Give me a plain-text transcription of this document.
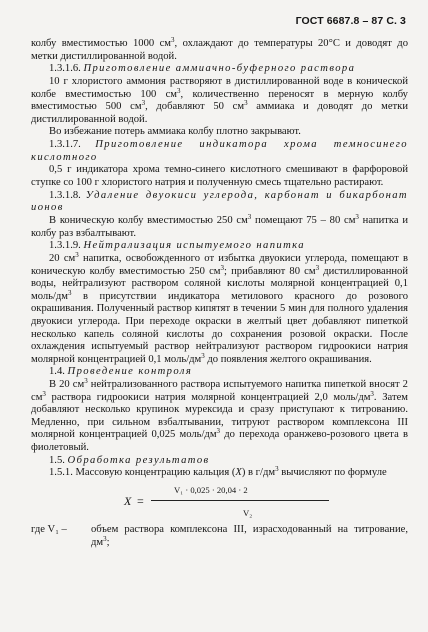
ГОСТ 6687.8 – 87 С. 3

колбу вместимостью 1000 $см^3$, охлаждают до температуры 20°С и доводят до метки дистиллированной водой.

1.3.1.6. Приготовление аммиачно-буферного раствора

10 г хлористого аммония растворяют в дистиллированной воде в конической колбе вместимостью 100 $см^3$, количественно переносят в мерную колбу вместимостью 500 $см^3$, добавляют 50 $см^3$ аммиака и доводят до метки дистиллированной водой.

Во избежание потерь аммиака колбу плотно закрывают.

1.3.1.7. Приготовление индикатора хрома темносинего кислотного

0,5 г индикатора хрома темно-синего кислотного смешивают в фарфоровой ступке со 100 г хлористого натрия и полученную смесь тщательно растирают.

1.3.1.8. Удаление двуокиси углерода, карбонат и бикарбонат ионов

В коническую колбу вместимостью 250 $см^3$ помещают 75 – 80 $см^3$ напитка и колбу раз взбалтывают.

1.3.1.9. Нейтрализация испытуемого напитка

20 $см^3$ напитка, освобожденного от избытка двуокиси углерода, помещают в коническую колбу вместимостью 250 $см^3$; прибавляют 80 $см^3$ дистиллированной воды, нейтрализуют раствором соляной кислоты молярной концентрацией 0,1 моль/$дм^3$ в присутствии индикатора метилового красного до розового окрашивания. Полученный раствор кипятят в течении 5 мин для полного удаления двуокиси углерода. При переходе окраски в желтый цвет добавляют пипеткой несколько капель соляной кислоты до сохранения розовой окраски. После охлаждения испытуемый раствор нейтрализуют раствором гидроокиси натрия молярной концентрацией 0,1 моль/$дм^3$ до появления желтого окрашивания.

1.4. Проведение контроля

В 20 $см^3$ нейтрализованного раствора испытуемого напитка пипеткой вносят 2 $см^3$ раствора гидроокиси натрия молярной концентрацией 2,0 моль/$дм^3$. Затем добавляют несколько крупинок мурексида и сразу приступают к титрованию. Медленно, при сильном взбалтывании, титруют раствором комплексона III молярной концентрацией 0,025 моль/$дм^3$ до перехода оранжево-розового цвета в фиолетовый.

1.5. Обработка результатов

1.5.1. Массовую концентрацию кальция (X) в $г/дм^3$ вычисляют по формуле

X =
V₁ · 0,025 · 20,04 · 2
V₂
где V₁ – объем раствора комплексона III, израсходованный на титрование, $дм^3$;
